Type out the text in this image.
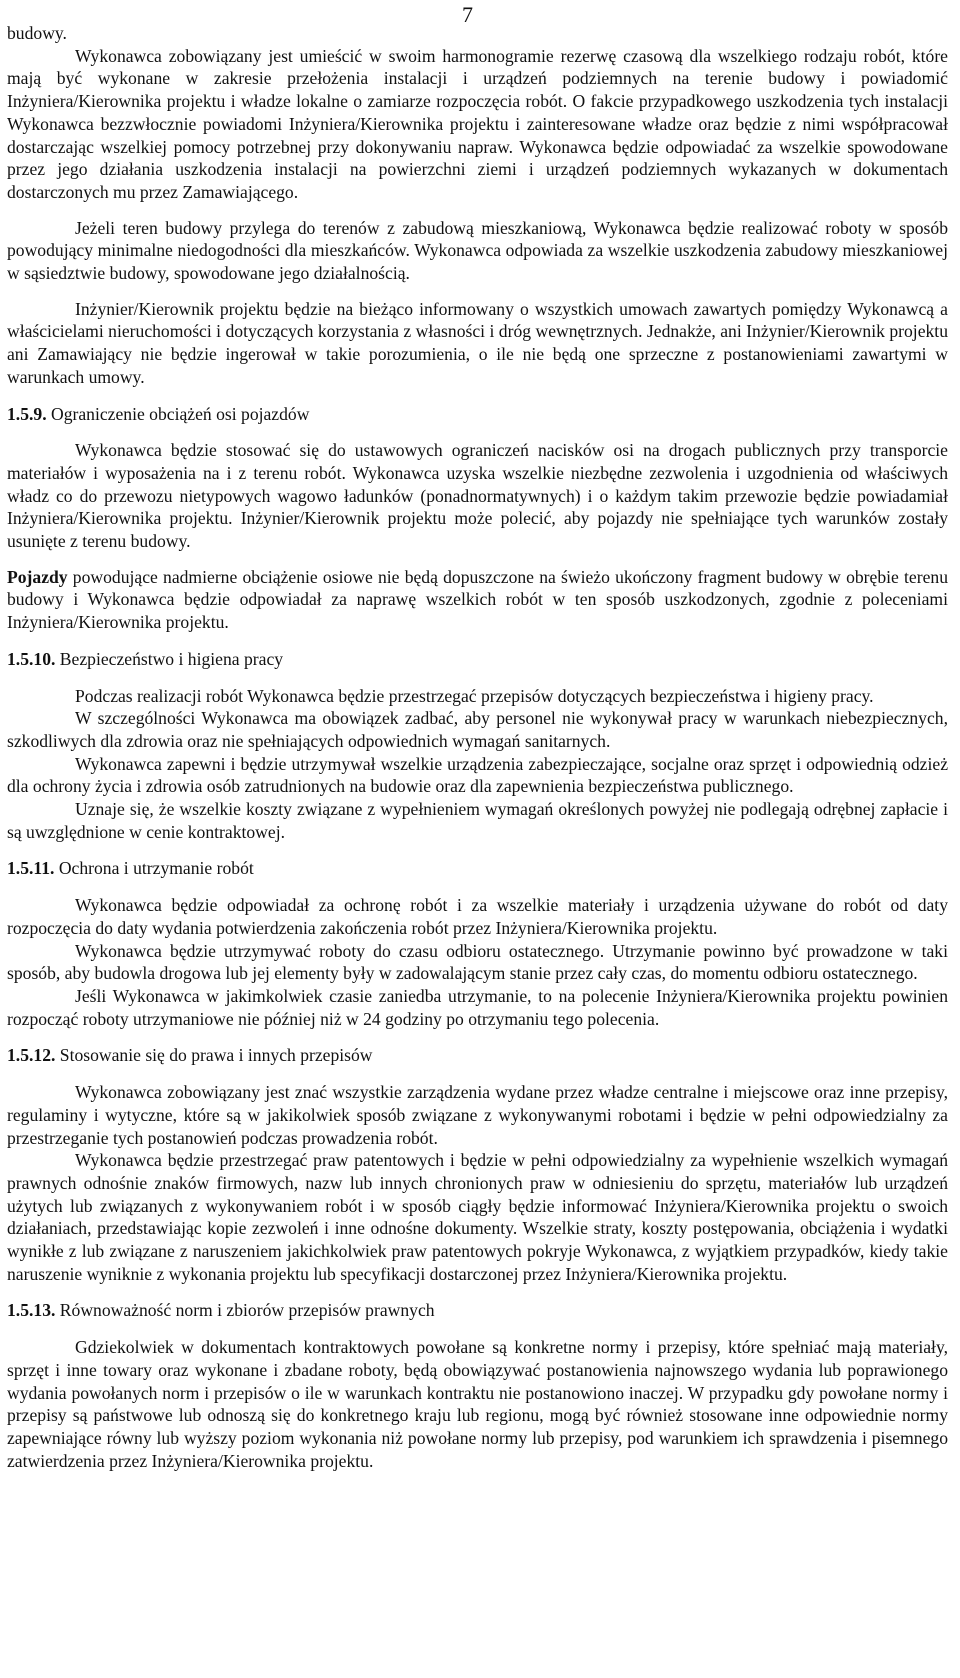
7

budowy.

Wykonawca zobowiązany jest umieścić w swoim harmonogramie rezerwę czasową dla wszelkiego rodzaju robót, które mają być wykonane w zakresie przełożenia instalacji i urządzeń podziemnych na terenie budowy i powiadomić Inżyniera/Kierownika projektu i władze lokalne o zamiarze rozpoczęcia robót. O fakcie przypadkowego uszkodzenia tych instalacji Wykonawca bezzwłocznie powiadomi Inżyniera/Kierownika projektu i zainteresowane władze oraz będzie z nimi współpracował dostarczając wszelkiej pomocy potrzebnej przy dokonywaniu napraw. Wykonawca będzie odpowiadać za wszelkie spowodowane przez jego działania uszkodzenia instalacji na powierzchni ziemi i urządzeń podziemnych wykazanych w dokumentach dostarczonych mu przez Zamawiającego.

Jeżeli teren budowy przylega do terenów z zabudową mieszkaniową, Wykonawca będzie realizować roboty w sposób powodujący minimalne niedogodności dla mieszkańców. Wykonawca odpowiada za wszelkie uszkodzenia zabudowy mieszkaniowej w sąsiedztwie budowy, spowodowane jego działalnością.

Inżynier/Kierownik projektu będzie na bieżąco informowany o wszystkich umowach zawartych pomiędzy Wykonawcą a właścicielami nieruchomości i dotyczących korzystania z własności i dróg wewnętrznych. Jednakże, ani Inżynier/Kierownik projektu ani Zamawiający nie będzie ingerował w takie porozumienia, o ile nie będą one sprzeczne z postanowieniami zawartymi w warunkach umowy.

1.5.9. Ograniczenie obciążeń osi pojazdów

Wykonawca będzie stosować się do ustawowych ograniczeń nacisków osi na drogach publicznych przy transporcie materiałów i wyposażenia na i z terenu robót. Wykonawca uzyska wszelkie niezbędne zezwolenia i uzgodnienia od właściwych władz co do przewozu nietypowych wagowo ładunków (ponadnormatywnych) i o każdym takim przewozie będzie powiadamiał Inżyniera/Kierownika projektu. Inżynier/Kierownik projektu może polecić, aby pojazdy nie spełniające tych warunków zostały usunięte z terenu budowy.

Pojazdy powodujące nadmierne obciążenie osiowe nie będą dopuszczone na świeżo ukończony fragment budowy w obrębie terenu budowy i Wykonawca będzie odpowiadał za naprawę wszelkich robót w ten sposób uszkodzonych, zgodnie z poleceniami Inżyniera/Kierownika projektu.

1.5.10. Bezpieczeństwo i higiena pracy

Podczas realizacji robót Wykonawca będzie przestrzegać przepisów dotyczących bezpieczeństwa i higieny pracy.

W szczególności Wykonawca ma obowiązek zadbać, aby personel nie wykonywał pracy w warunkach niebezpiecznych, szkodliwych dla zdrowia oraz nie spełniających odpowiednich wymagań sanitarnych.

Wykonawca zapewni i będzie utrzymywał wszelkie urządzenia zabezpieczające, socjalne oraz sprzęt i odpowiednią odzież dla ochrony życia i zdrowia osób zatrudnionych na budowie oraz dla zapewnienia bezpieczeństwa publicznego.

Uznaje się, że wszelkie koszty związane z wypełnieniem wymagań określonych powyżej nie podlegają odrębnej zapłacie i są uwzględnione w cenie kontraktowej.

1.5.11. Ochrona i utrzymanie robót

Wykonawca będzie odpowiadał za ochronę robót i za wszelkie materiały i urządzenia używane do robót od daty rozpoczęcia do daty wydania potwierdzenia zakończenia robót przez Inżyniera/Kierownika projektu.

Wykonawca będzie utrzymywać roboty do czasu odbioru ostatecznego. Utrzymanie powinno być prowadzone w taki sposób, aby budowla drogowa lub jej elementy były w zadowalającym stanie przez cały czas, do momentu odbioru ostatecznego.

Jeśli Wykonawca w jakimkolwiek czasie zaniedba utrzymanie, to na polecenie Inżyniera/Kierownika projektu powinien rozpocząć roboty utrzymaniowe nie później niż w 24 godziny po otrzymaniu tego polecenia.

1.5.12. Stosowanie się do prawa i innych przepisów

Wykonawca zobowiązany jest znać wszystkie zarządzenia wydane przez władze centralne i miejscowe oraz inne przepisy, regulaminy i wytyczne, które są w jakikolwiek sposób związane z wykonywanymi robotami i będzie w pełni odpowiedzialny za przestrzeganie tych postanowień podczas prowadzenia robót.

Wykonawca będzie przestrzegać praw patentowych i będzie w pełni odpowiedzialny za wypełnienie wszelkich wymagań prawnych odnośnie znaków firmowych, nazw lub innych chronionych praw w odniesieniu do sprzętu, materiałów lub urządzeń użytych lub związanych z wykonywaniem robót i w sposób ciągły będzie informować Inżyniera/Kierownika projektu o swoich działaniach, przedstawiając kopie zezwoleń i inne odnośne dokumenty. Wszelkie straty, koszty postępowania, obciążenia i wydatki wynikłe z lub związane z naruszeniem jakichkolwiek praw patentowych pokryje Wykonawca, z wyjątkiem przypadków, kiedy takie naruszenie wyniknie z wykonania projektu lub specyfikacji dostarczonej przez Inżyniera/Kierownika projektu.

1.5.13. Równoważność norm i zbiorów przepisów prawnych

Gdziekolwiek w dokumentach kontraktowych powołane są konkretne normy i przepisy, które spełniać mają materiały, sprzęt i inne towary oraz wykonane i zbadane roboty, będą obowiązywać postanowienia najnowszego wydania lub poprawionego wydania powołanych norm i przepisów o ile w warunkach kontraktu nie postanowiono inaczej. W przypadku gdy powołane normy i przepisy są państwowe lub odnoszą się do konkretnego kraju lub regionu, mogą być również stosowane inne odpowiednie normy zapewniające równy lub wyższy poziom wykonania niż powołane normy lub przepisy, pod warunkiem ich sprawdzenia i pisemnego zatwierdzenia przez Inżyniera/Kierownika projektu.
